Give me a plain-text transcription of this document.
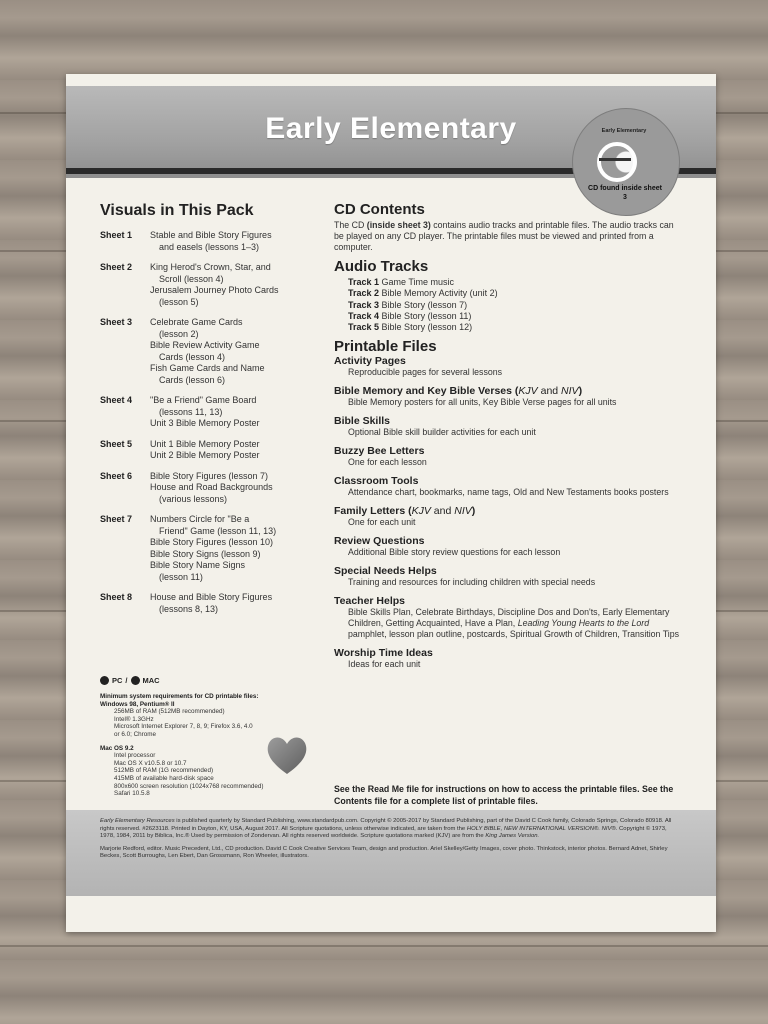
Early Elementary	Early Elementary
CD found inside sheet 3
Visuals in This Pack
Sheet 1	Stable and Bible Story Figures
and easels (lessons 1–3)
Sheet 2	King Herod's Crown, Star, and
Scroll (lesson 4)
Jerusalem Journey Photo Cards
(lesson 5)
Sheet 3	Celebrate Game Cards
(lesson 2)
Bible Review Activity Game
Cards (lesson 4)
Fish Game Cards and Name
Cards (lesson 6)
Sheet 4	"Be a Friend" Game Board
(lessons 11, 13)
Unit 3 Bible Memory Poster
Sheet 5	Unit 1 Bible Memory Poster
Unit 2 Bible Memory Poster
Sheet 6	Bible Story Figures (lesson 7)
House and Road Backgrounds
(various lessons)
Sheet 7	Numbers Circle for "Be a
Friend" Game (lesson 11, 13)
Bible Story Figures (lesson 10)
Bible Story Signs (lesson 9)
Bible Story Name Signs
(lesson 11)
Sheet 8	House and Bible Story Figures
(lessons 8, 13)
CD Contents
The CD (inside sheet 3) contains audio tracks and printable files. The audio tracks can be played on any CD player. The printable files must be viewed and printed from a computer.
Audio Tracks
Track 1 Game Time music
Track 2 Bible Memory Activity (unit 2)
Track 3 Bible Story (lesson 7)
Track 4 Bible Story (lesson 11)
Track 5 Bible Story (lesson 12)
Printable Files
Activity Pages
Reproducible pages for several lessons
Bible Memory and Key Bible Verses (KJV and NIV)
Bible Memory posters for all units, Key Bible Verse pages for all units
Bible Skills
Optional Bible skill builder activities for each unit
Buzzy Bee Letters
One for each lesson
Classroom Tools
Attendance chart, bookmarks, name tags, Old and New Testaments books posters
Family Letters (KJV and NIV)
One for each unit
Review Questions
Additional Bible story review questions for each lesson
Special Needs Helps
Training and resources for including children with special needs
Teacher Helps
Bible Skills Plan, Celebrate Birthdays, Discipline Dos and Don'ts, Early Elementary Children, Getting Acquainted, Have a Plan, Leading Young Hearts to the Lord pamphlet, lesson plan outline, postcards, Spiritual Growth of Children, Transition Tips
Worship Time Ideas
Ideas for each unit
See the Read Me file for instructions on how to access the printable files. See the Contents file for a complete list of printable files.
PC / MAC
Minimum system requirements for CD printable files:
Windows 98, Pentium® II
256MB of RAM (512MB recommended)
Intel® 1.3GHz
Microsoft Internet Explorer 7, 8, 9; Firefox 3.6, 4.0
or 6.0; Chrome
Mac OS 9.2
Intel processor
Mac OS X v10.5.8 or 10.7
512MB of RAM (1G recommended)
415MB of available hard-disk space
800x600 screen resolution (1024x768 recommended)
Safari 10.5.8

Early Elementary Resources is published quarterly by Standard Publishing, www.standardpub.com. Copyright © 2005-2017 by Standard Publishing, part of the David C Cook family, Colorado Springs, Colorado 80918. All rights reserved. #2623118. Printed in Dayton, KY, USA, August 2017. All Scripture quotations, unless otherwise indicated, are taken from the HOLY BIBLE, NEW INTERNATIONAL VERSION®. NIV®. Copyright © 1973, 1978, 1984, 2011 by Biblica, Inc.® Used by permission of Zondervan. All rights reserved worldwide. Scripture quotations marked (KJV) are from the King James Version.

Marjorie Redford, editor. Music Precedent, Ltd., CD production. David C Cook Creative Services Team, design and production. Ariel Skelley/Getty Images, cover photo. Thinkstock, interior photos. Bernard Adnet, Shirley Beckes, Scott Burroughs, Len Ebert, Dan Grossmann, Ron Wheeler, illustrators.
